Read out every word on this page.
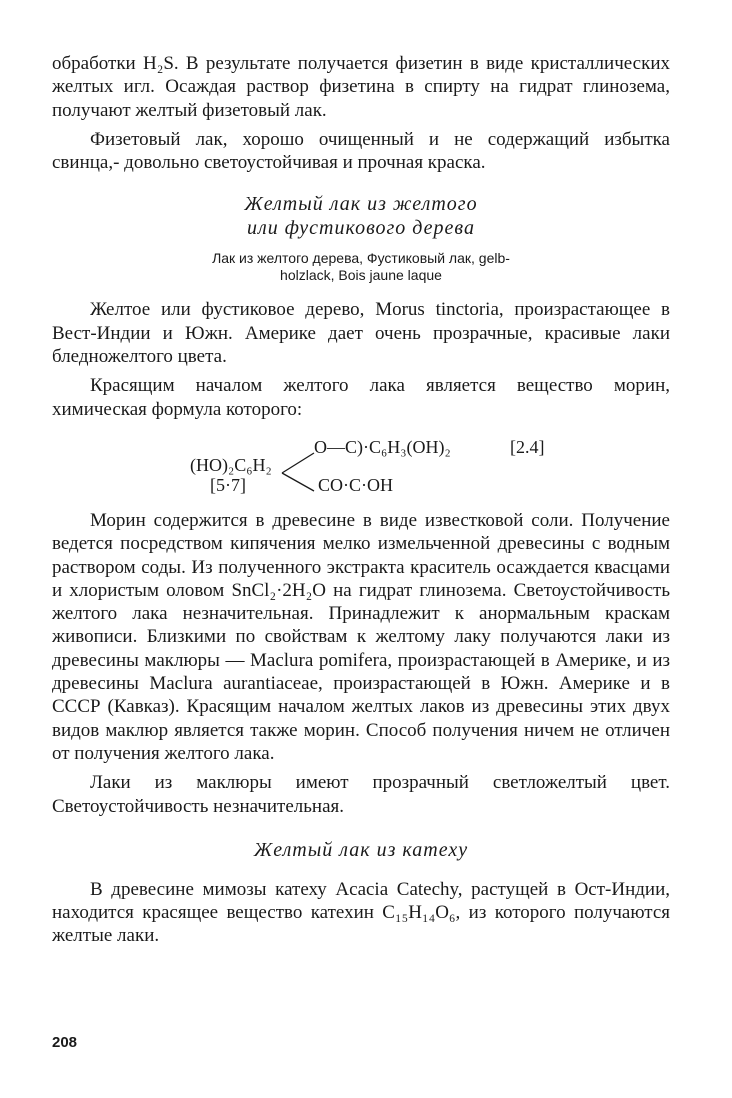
обработки H₂S. В результате получается физетин в виде кристаллических желтых игл. Осаждая раствор физетина в спирту на гидрат глинозема, получают желтый физетовый лак.

Физетовый лак, хорошо очищенный и не содержащий избытка свинца,- довольно светоустойчивая и прочная краска.

Желтый лак из желтого

или фустикового дерева

Лак из желтого дерева, Фустиковый лак, gelb-

holzlack, Bois jaune laque

Желтое или фустиковое дерево, Morus tinctoria, произрастающее в Вест-Индии и Южн. Америке дает очень прозрачные, красивые лаки бледножелтого цвета.

Красящим началом желтого лака является вещество морин, химическая формула которого:

O—C)·C₆H₃(OH)₂	[2.4]
(HO)₂C₆H₂
[5·7]	CO·C·OH

Морин содержится в древесине в виде известковой соли. Получение ведется посредством кипячения мелко измельченной древесины с водным раствором соды. Из полученного экстракта краситель осаждается квасцами и хлористым оловом SnCl₂·2H₂O на гидрат глинозема. Светоустойчивость желтого лака незначительная. Принадлежит к анормальным краскам живописи. Близкими по свойствам к желтому лаку получаются лаки из древесины маклюры — Maclura pomifera, произрастающей в Америке, и из древесины Maclura aurantiaceae, произрастающей в Южн. Америке и в СССР (Кавказ). Красящим началом желтых лаков из древесины этих двух видов маклюр является также морин. Способ получения ничем не отличен от получения желтого лака.

Лаки из маклюры имеют прозрачный светложелтый цвет. Светоустойчивость незначительная.

Желтый лак из катеху

В древесине мимозы катеху Acacia Catechy, растущей в Ост-Индии, находится красящее вещество катехин C₁₅H₁₄O₆, из которого получаются желтые лаки.

208
